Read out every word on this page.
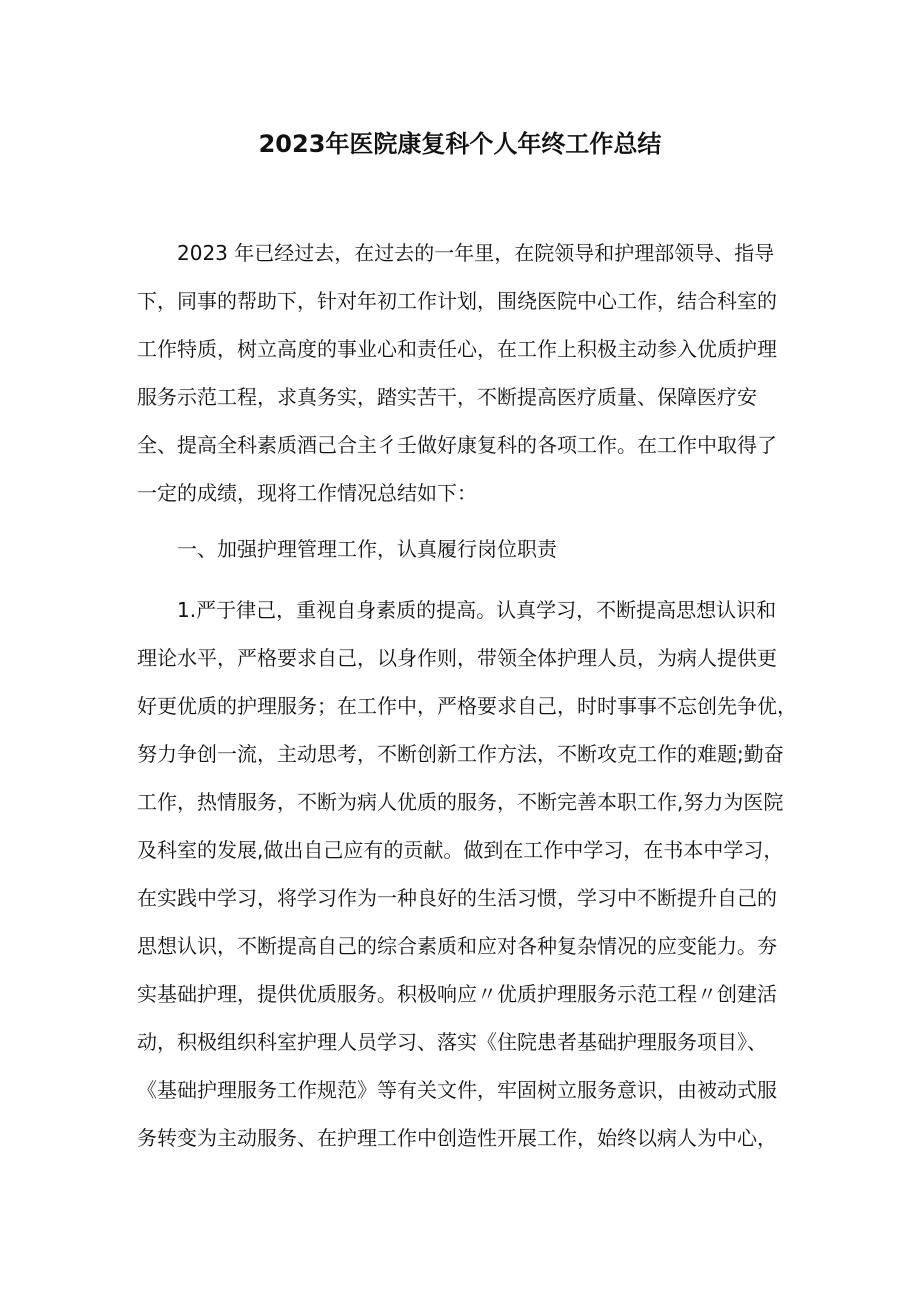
2023年医院康复科个人年终工作总结
2023 年已经过去，在过去的一年里，在院领导和护理部领导、指导
下，同事的帮助下，针对年初工作计划，围绕医院中心工作，结合科室的
工作特质，树立高度的事业心和责任心，在工作上积极主动参入优质护理
服务示范工程，求真务实，踏实苦干，不断提高医疗质量、保障医疗安
全、提高全科素质酒己合主彳壬做好康复科的各项工作。在工作中取得了
一定的成绩，现将工作情况总结如下：
一、加强护理管理工作，认真履行岗位职责
1.严于律己，重视自身素质的提高。认真学习，不断提高思想认识和
理论水平，严格要求自己，以身作则，带领全体护理人员，为病人提供更
好更优质的护理服务；在工作中，严格要求自己，时时事事不忘创先争优，
努力争创一流，主动思考，不断创新工作方法，不断攻克工作的难题;勤奋
工作，热情服务，不断为病人优质的服务，不断完善本职工作,努力为医院
及科室的发展,做出自己应有的贡献。做到在工作中学习，在书本中学习，
在实践中学习，将学习作为一种良好的生活习惯，学习中不断提升自己的
思想认识，不断提高自己的综合素质和应对各种复杂情况的应变能力。夯
实基础护理，提供优质服务。积极响应〃优质护理服务示范工程〃创建活
动，积极组织科室护理人员学习、落实《住院患者基础护理服务项目》、
《基础护理服务工作规范》等有关文件，牢固树立服务意识，由被动式服
务转变为主动服务、在护理工作中创造性开展工作，始终以病人为中心，
